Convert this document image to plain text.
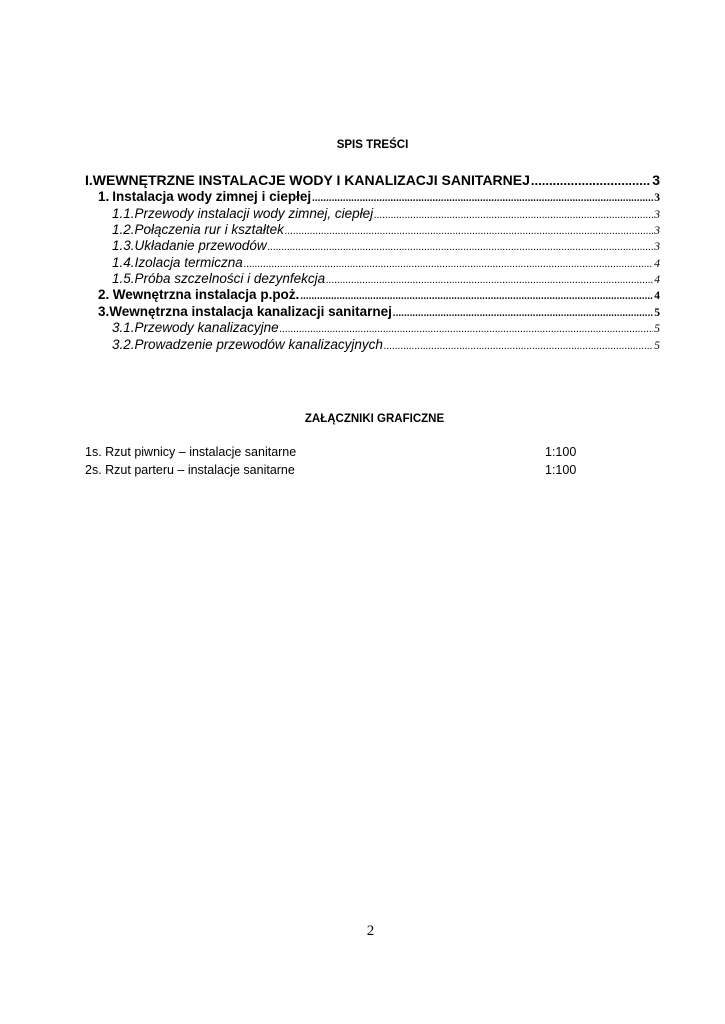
SPIS TREŚCI
I. WEWNĘTRZNE INSTALACJE WODY I KANALIZACJI SANITARNEJ .....	3
1. Instalacja wody zimnej i ciepłej .....	3
1.1. Przewody instalacji wody zimnej, ciepłej .....	3
1.2. Połączenia rur i kształtek .....	3
1.3. Układanie przewodów .....	3
1.4. Izolacja termiczna .....	4
1.5. Próba szczelności i dezynfekcja .....	4
2. Wewnętrzna instalacja p.poż. .....	4
3. Wewnętrzna instalacja kanalizacji sanitarnej .....	5
3.1. Przewody kanalizacyjne .....	5
3.2. Prowadzenie przewodów kanalizacyjnych .....	5
ZAŁĄCZNIKI GRAFICZNE
1s. Rzut piwnicy – instalacje sanitarne	1:100
2s. Rzut parteru – instalacje sanitarne	1:100
2
